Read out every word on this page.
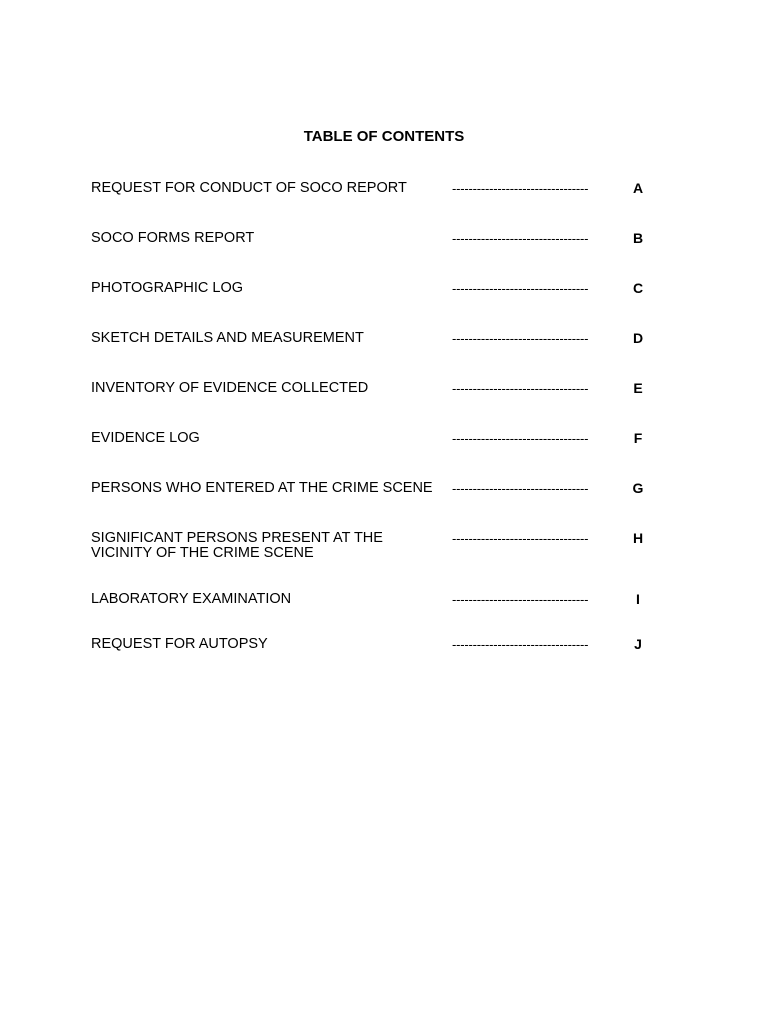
TABLE OF CONTENTS
REQUEST FOR CONDUCT OF SOCO REPORT	---------------------------------	A
SOCO FORMS REPORT	---------------------------------	B
PHOTOGRAPHIC LOG	---------------------------------	C
SKETCH DETAILS AND MEASUREMENT	---------------------------------	D
INVENTORY OF EVIDENCE COLLECTED	---------------------------------	E
EVIDENCE LOG	---------------------------------	F
PERSONS WHO ENTERED AT THE CRIME SCENE	---------------------------------	G
SIGNIFICANT PERSONS PRESENT AT THE
VICINITY OF THE CRIME SCENE
---------------------------------	H
LABORATORY EXAMINATION	---------------------------------	I
REQUEST FOR AUTOPSY	---------------------------------	J
